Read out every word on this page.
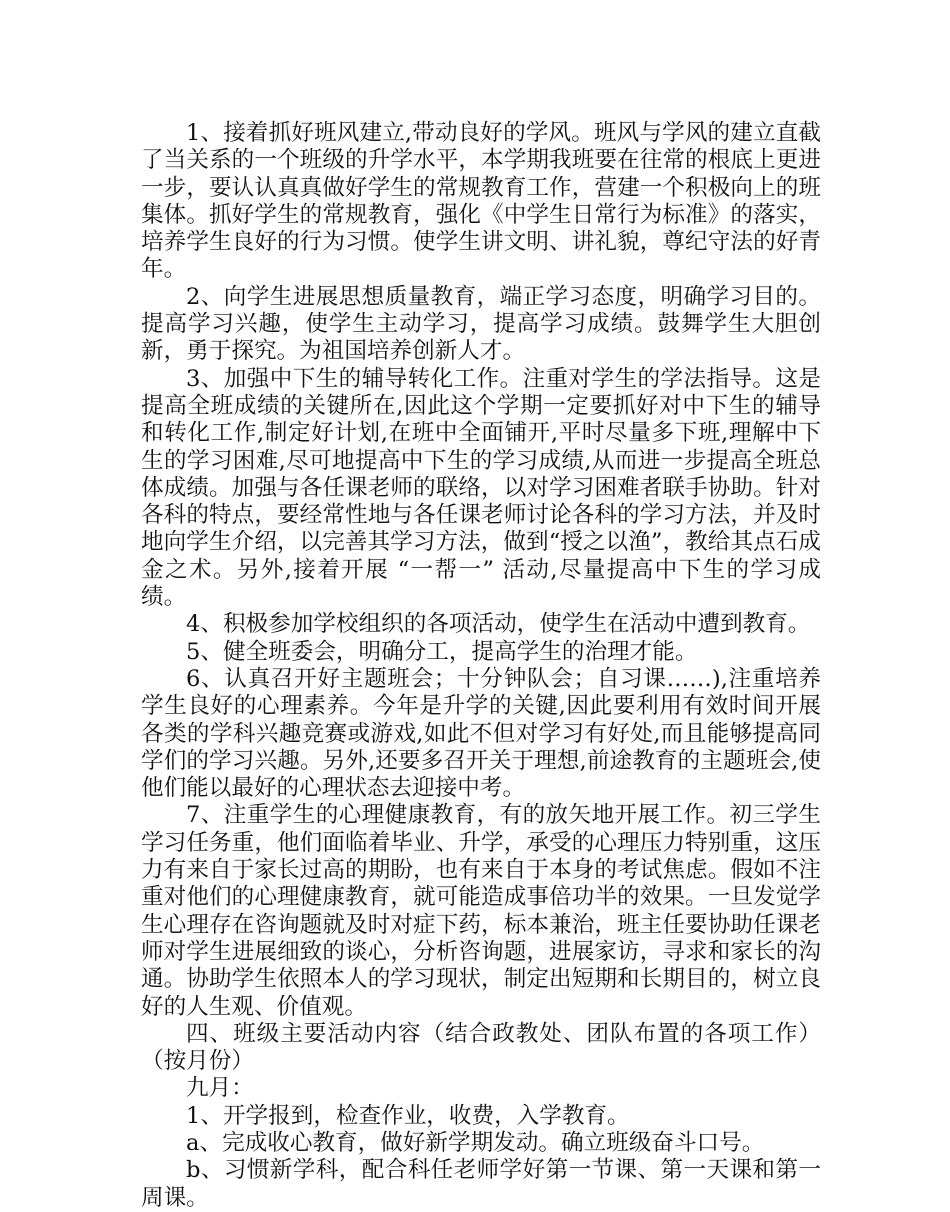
1、接着抓好班风建立,带动良好的学风。班风与学风的建立直截了当关系的一个班级的升学水平，本学期我班要在往常的根底上更进一步，要认认真真做好学生的常规教育工作，营建一个积极向上的班集体。抓好学生的常规教育，强化《中学生日常行为标准》的落实，培养学生良好的行为习惯。使学生讲文明、讲礼貌，尊纪守法的好青年。

2、向学生进展思想质量教育，端正学习态度，明确学习目的。提高学习兴趣，使学生主动学习，提高学习成绩。鼓舞学生大胆创新，勇于探究。为祖国培养创新人才。

3、加强中下生的辅导转化工作。注重对学生的学法指导。这是提高全班成绩的关键所在,因此这个学期一定要抓好对中下生的辅导和转化工作,制定好计划,在班中全面铺开,平时尽量多下班,理解中下生的学习困难,尽可地提高中下生的学习成绩,从而进一步提高全班总体成绩。加强与各任课老师的联络，以对学习困难者联手协助。针对各科的特点，要经常性地与各任课老师讨论各科的学习方法，并及时地向学生介绍，以完善其学习方法，做到“授之以渔”，教给其点石成金之术。另外,接着开展 “一帮一” 活动,尽量提高中下生的学习成绩。

4、积极参加学校组织的各项活动，使学生在活动中遭到教育。

5、健全班委会，明确分工，提高学生的治理才能。

6、认真召开好主题班会；十分钟队会；自习课……),注重培养学生良好的心理素养。今年是升学的关键,因此要利用有效时间开展各类的学科兴趣竞赛或游戏,如此不但对学习有好处,而且能够提高同学们的学习兴趣。另外,还要多召开关于理想,前途教育的主题班会,使他们能以最好的心理状态去迎接中考。

7、注重学生的心理健康教育，有的放矢地开展工作。初三学生学习任务重，他们面临着毕业、升学，承受的心理压力特别重，这压力有来自于家长过高的期盼，也有来自于本身的考试焦虑。假如不注重对他们的心理健康教育，就可能造成事倍功半的效果。一旦发觉学生心理存在咨询题就及时对症下药，标本兼治，班主任要协助任课老师对学生进展细致的谈心，分析咨询题，进展家访，寻求和家长的沟通。协助学生依照本人的学习现状，制定出短期和长期目的，树立良好的人生观、价值观。

四、班级主要活动内容（结合政教处、团队布置的各项工作）（按月份）

九月：

1、开学报到，检查作业，收费，入学教育。

a、完成收心教育，做好新学期发动。确立班级奋斗口号。

b、习惯新学科，配合科任老师学好第一节课、第一天课和第一周课。
